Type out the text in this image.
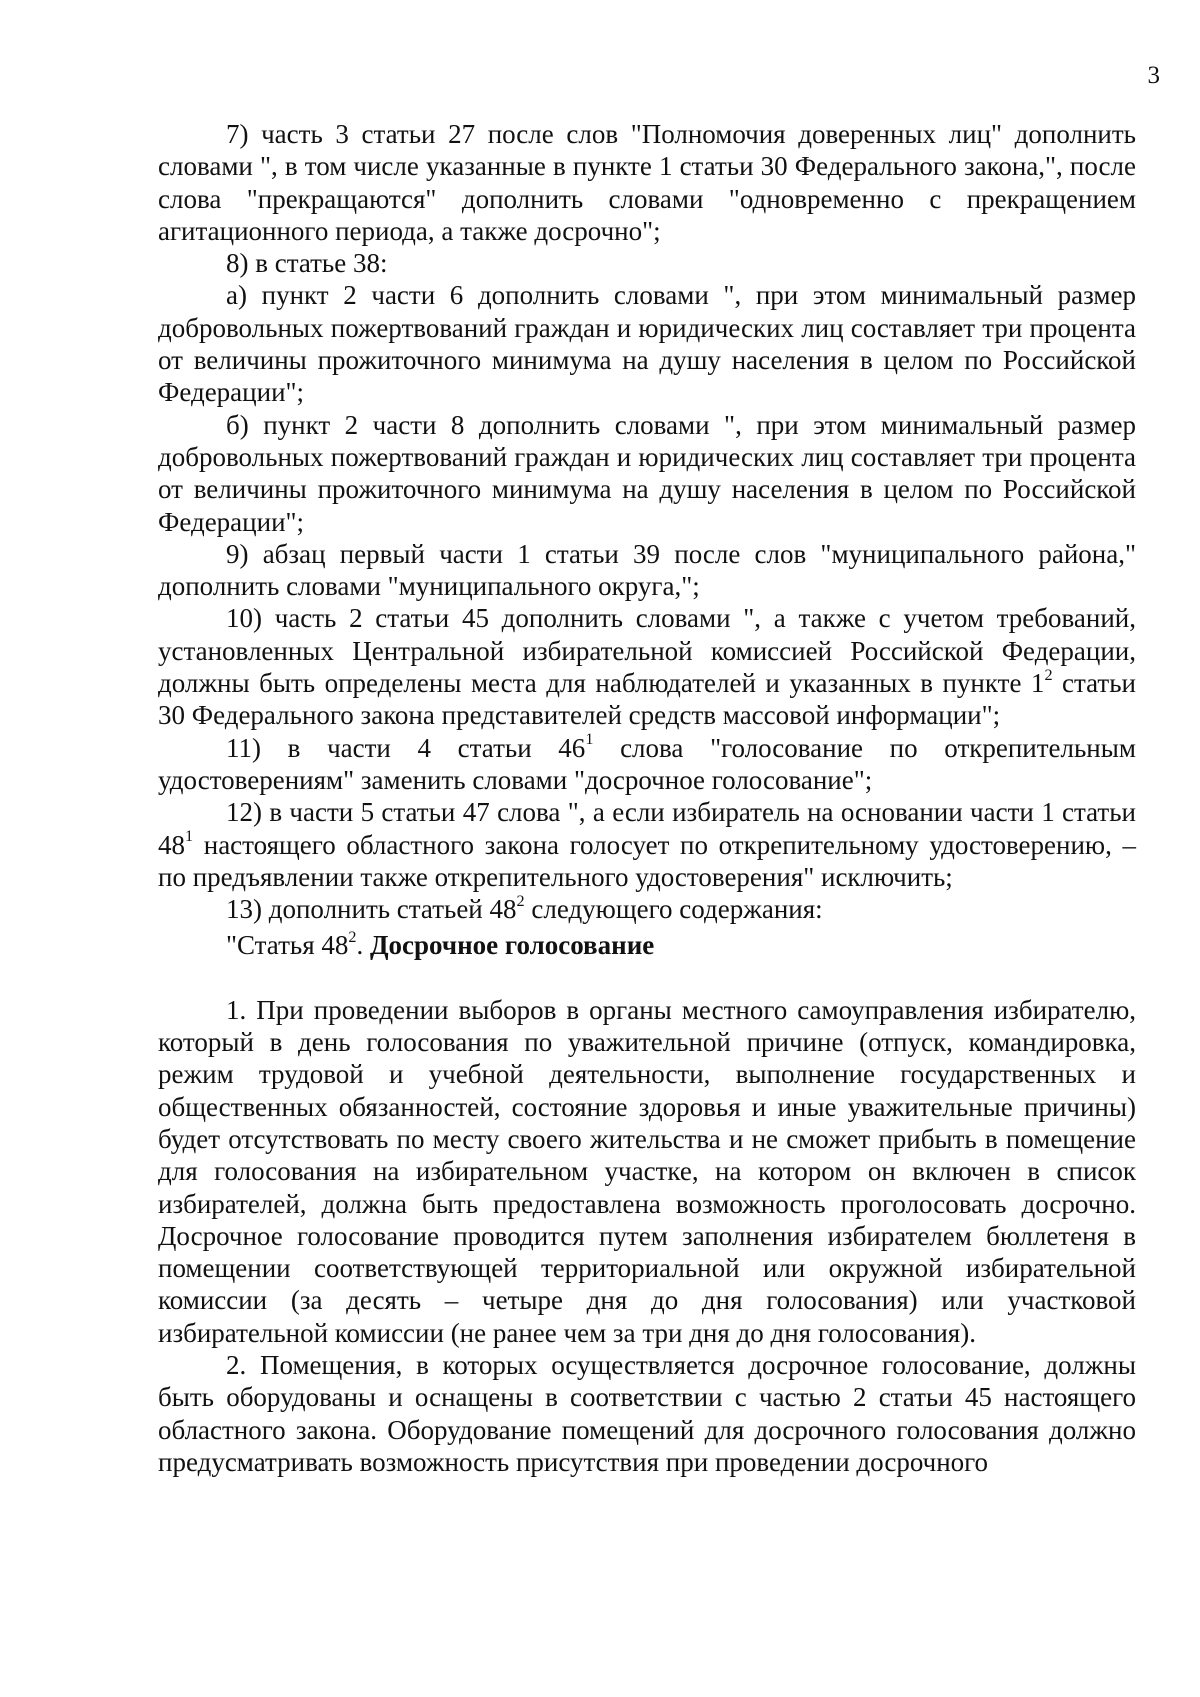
3

7) часть 3 статьи 27 после слов "Полномочия доверенных лиц" дополнить словами ", в том числе указанные в пункте 1 статьи 30 Федерального закона,", после слова "прекращаются" дополнить словами "одновременно с прекращением агитационного периода, а также досрочно";

8) в статье 38:

а) пункт 2 части 6 дополнить словами ", при этом минимальный размер добровольных пожертвований граждан и юридических лиц составляет три процента от величины прожиточного минимума на душу населения в целом по Российской Федерации";

б) пункт 2 части 8 дополнить словами ", при этом минимальный размер добровольных пожертвований граждан и юридических лиц составляет три процента от величины прожиточного минимума на душу населения в целом по Российской Федерации";

9) абзац первый части 1 статьи 39 после слов "муниципального района," дополнить словами "муниципального округа,";

10) часть 2 статьи 45 дополнить словами ", а также с учетом требований, установленных Центральной избирательной комиссией Российской Федерации, должны быть определены места для наблюдателей и указанных в пункте $1^2$ статьи 30 Федерального закона представителей средств массовой информации";

11) в части 4 статьи $46^1$ слова "голосование по открепительным удостоверениям" заменить словами "досрочное голосование";

12) в части 5 статьи 47 слова ", а если избиратель на основании части 1 статьи $48^1$ настоящего областного закона голосует по открепительному удостоверению, – по предъявлении также открепительного удостоверения" исключить;

13) дополнить статьей $48^2$ следующего содержания:

"Статья $48^2$. Досрочное голосование

1. При проведении выборов в органы местного самоуправления избирателю, который в день голосования по уважительной причине (отпуск, командировка, режим трудовой и учебной деятельности, выполнение государственных и общественных обязанностей, состояние здоровья и иные уважительные причины) будет отсутствовать по месту своего жительства и не сможет прибыть в помещение для голосования на избирательном участке, на котором он включен в список избирателей, должна быть предоставлена возможность проголосовать досрочно. Досрочное голосование проводится путем заполнения избирателем бюллетеня в помещении соответствующей территориальной или окружной избирательной комиссии (за десять – четыре дня до дня голосования) или участковой избирательной комиссии (не ранее чем за три дня до дня голосования).

2. Помещения, в которых осуществляется досрочное голосование, должны быть оборудованы и оснащены в соответствии с частью 2 статьи 45 настоящего областного закона. Оборудование помещений для досрочного голосования должно предусматривать возможность присутствия при проведении досрочного
